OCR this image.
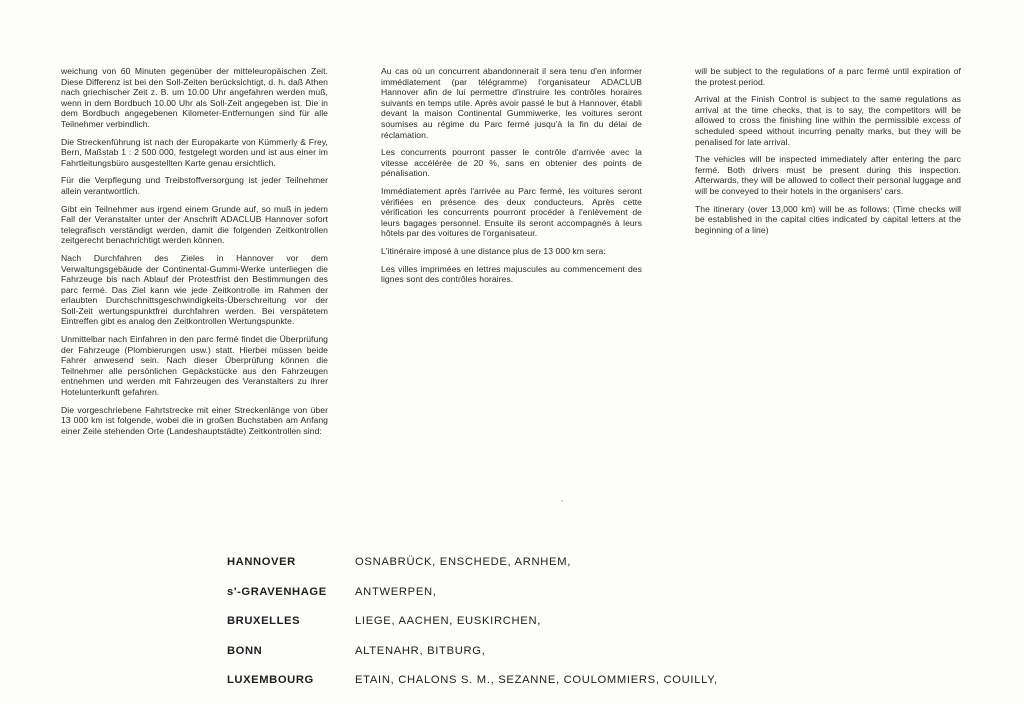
weichung von 60 Minuten gegenüber der mitteleuropäischen Zeit. Diese Differenz ist bei den Soll-Zeiten berücksichtigt, d. h. daß Athen nach griechischer Zeit z. B. um 10.00 Uhr angefahren werden muß, wenn in dem Bordbuch 10.00 Uhr als Soll-Zeit angegeben ist. Die in dem Bordbuch angegebenen Kilometer-Entfernungen sind für alle Teilnehmer verbindlich.

Die Streckenführung ist nach der Europakarte von Kümmerly & Frey, Bern, Maßstab 1 : 2 500 000, festgelegt worden und ist aus einer im Fahrtleitungsbüro ausgestellten Karte genau ersichtlich.

Für die Verpflegung und Treibstoffversorgung ist jeder Teilnehmer allein verantwortlich.

Gibt ein Teilnehmer aus irgend einem Grunde auf, so muß in jedem Fall der Veranstalter unter der Anschrift ADACLUB Hannover sofort telegrafisch verständigt werden, damit die folgenden Zeitkontrollen zeitgerecht benachrichtigt werden können.

Nach Durchfahren des Zieles in Hannover vor dem Verwaltungsgebäude der Continental-Gummi-Werke unterliegen die Fahrzeuge bis nach Ablauf der Protestfrist den Bestimmungen des parc fermé. Das Ziel kann wie jede Zeitkontrolle im Rahmen der erlaubten Durchschnittsgeschwindigkeits-Überschreitung vor der Soll-Zeit wertungspunktfrei durchfahren werden. Bei verspätetem Eintreffen gibt es analog den Zeitkontrollen Wertungspunkte.

Unmittelbar nach Einfahren in den parc fermé findet die Überprüfung der Fahrzeuge (Plombierungen usw.) statt. Hierbei müssen beide Fahrer anwesend sein. Nach dieser Überprüfung können die Teilnehmer alle persönlichen Gepäckstücke aus den Fahrzeugen entnehmen und werden mit Fahrzeugen des Veranstalters zu ihrer Hotelunterkunft gefahren.

Die vorgeschriebene Fahrtstrecke mit einer Streckenlänge von über 13 000 km ist folgende, wobei die in großen Buchstaben am Anfang einer Zeile stehenden Orte (Landeshauptstädte) Zeitkontrollen sind:

Au cas où un concurrent abandonnerait il sera tenu d'en informer immédiatement (par télégramme) l'organisateur ADACLUB Hannover afin de lui permettre d'instruire les contrôles horaires suivants en temps utile. Après avoir passé le but à Hannover, établi devant la maison Continental Gummiwerke, les voitures seront soumises au régime du Parc fermé jusqu'à la fin du délai de réclamation.

Les concurrents pourront passer le contrôle d'arrivée avec la vitesse accélérée de 20 %, sans en obtenier des points de pénalisation.

Immédiatement après l'arrivée au Parc fermé, les voitures seront vérifiées en présence des deux conducteurs. Après cette vérification les concurrents pourront procéder à l'enlèvement de leurs bagages personnel. Ensuite ils seront accompagnés à leurs hôtels par des voitures de l'organisateur.

L'itinéraire imposé à une distance plus de 13 000 km sera:

Les villes imprimées en lettres majuscules au commencement des lignes sont des contrôles horaires.

will be subject to the regulations of a parc fermé until expiration of the protest period.

Arrival at the Finish Control is subject to the same regulations as arrival at the time checks, that is to say, the competitors will be allowed to cross the finishing line within the permissible excess of scheduled speed without incurring penalty marks, but they will be penalised for late arrival.

The vehicles will be inspected immediately after entering the parc fermé. Both drivers must be present during this inspection. Afterwards, they will be allowed to collect their personal luggage and will be conveyed to their hotels in the organisers' cars.

The itinerary (over 13,000 km) will be as follows: (Time checks will be established in the capital cities indicated by capital letters at the beginning of a line)

HANNOVER	OSNABRÜCK, ENSCHEDE, ARNHEM,
s'-GRAVENHAGE	ANTWERPEN,
BRUXELLES	LIEGE, AACHEN, EUSKIRCHEN,
BONN	ALTENAHR, BITBURG,
LUXEMBOURG	ETAIN, CHALONS S. M., SEZANNE, COULOMMIERS, COUILLY,
